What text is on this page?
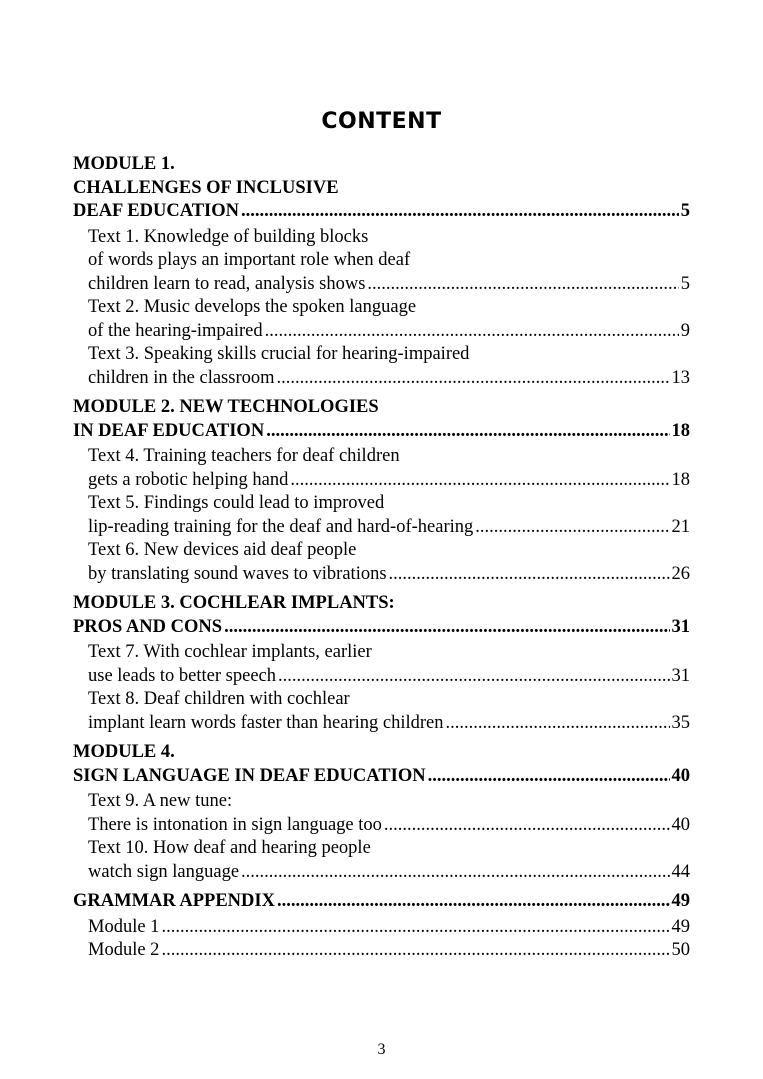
CONTENT
MODULE 1.
CHALLENGES OF INCLUSIVE
DEAF EDUCATION .....	5
Text 1. Knowledge of building blocks
of words plays an important role when deaf
children learn to read, analysis shows .....	5
Text 2. Music develops the spoken language
of the hearing-impaired .....	9
Text 3. Speaking skills crucial for hearing-impaired
children in the classroom .....	13
MODULE 2. NEW TECHNOLOGIES
IN DEAF EDUCATION .....	18
Text 4. Training teachers for deaf children
gets a robotic helping hand .....	18
Text 5. Findings could lead to improved
lip-reading training for the deaf and hard-of-hearing .....	21
Text 6. New devices aid deaf people
by translating sound waves to vibrations .....	26
MODULE 3. COCHLEAR IMPLANTS:
PROS AND CONS .....	31
Text 7. With cochlear implants, earlier
use leads to better speech .....	31
Text 8. Deaf children with cochlear
implant learn words faster than hearing children .....	35
MODULE 4.
SIGN LANGUAGE IN DEAF EDUCATION .....	40
Text 9. A new tune:
There is intonation in sign language too .....	40
Text 10. How deaf and hearing people
watch sign language .....	44
GRAMMAR APPENDIX .....	49
Module 1 .....	49
Module 2 .....	50
3
